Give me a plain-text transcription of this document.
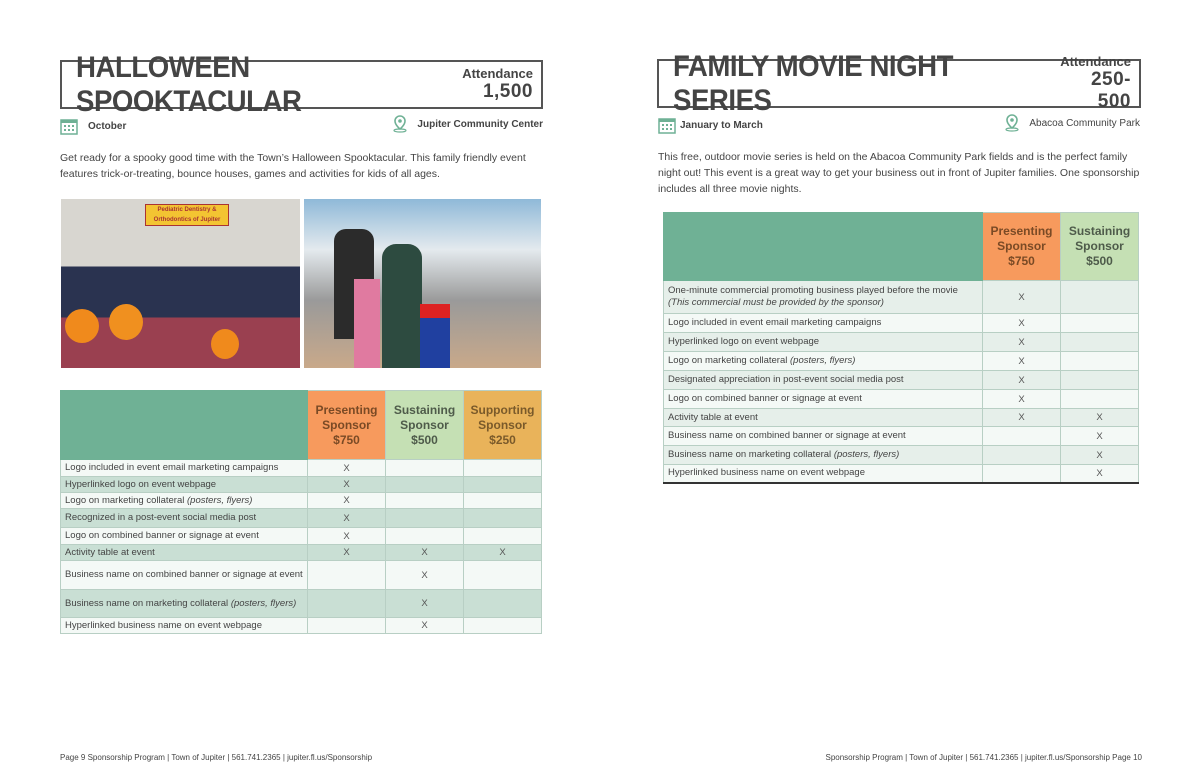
HALLOWEEN SPOOKTACULAR
Attendance
1,500
October	Jupiter Community Center
Get ready for a spooky good time with the Town’s Halloween Spooktacular. This family friendly event features trick-or-treating, bounce houses, games and activities for kids of all ages.
Pediatric Dentistry & Orthodontics of Jupiter
	Presenting
Sponsor
$750	Sustaining
Sponsor
$500	Supporting
Sponsor
$250
Logo included in event email marketing campaigns	X		
Hyperlinked logo on event webpage	X		
Logo on marketing collateral (posters, flyers)	X		
Recognized in a post-event social media post	X		
Logo on combined banner or signage at event	X		
Activity table at event	X	X	X
Business name on combined banner or signage at event		X	
Business name on marketing collateral (posters, flyers)		X	
Hyperlinked business name on event webpage		X	
Page 9 Sponsorship Program | Town of Jupiter | 561.741.2365 | jupiter.fl.us/Sponsorship
FAMILY MOVIE NIGHT SERIES
Attendance
250-500
January to March	Abacoa Community Park
This free, outdoor movie series is held on the Abacoa Community Park fields and is the perfect family night out! This event is a great way to get your business out in front of Jupiter families. One sponsorship includes all three movie nights.
	Presenting
Sponsor
$750	Sustaining
Sponsor
$500
One-minute commercial promoting business played before the movie (This commercial must be provided by the sponsor)	X	
Logo included in event email marketing campaigns	X	
Hyperlinked logo on event webpage	X	
Logo on marketing collateral (posters, flyers)	X	
Designated appreciation in post-event social media post	X	
Logo on combined banner or signage at event	X	
Activity table at event	X	X
Business name on combined banner or signage at event		X
Business name on marketing collateral (posters, flyers)		X
Hyperlinked business name on event webpage		X
Sponsorship Program | Town of Jupiter | 561.741.2365 | jupiter.fl.us/Sponsorship Page 10
